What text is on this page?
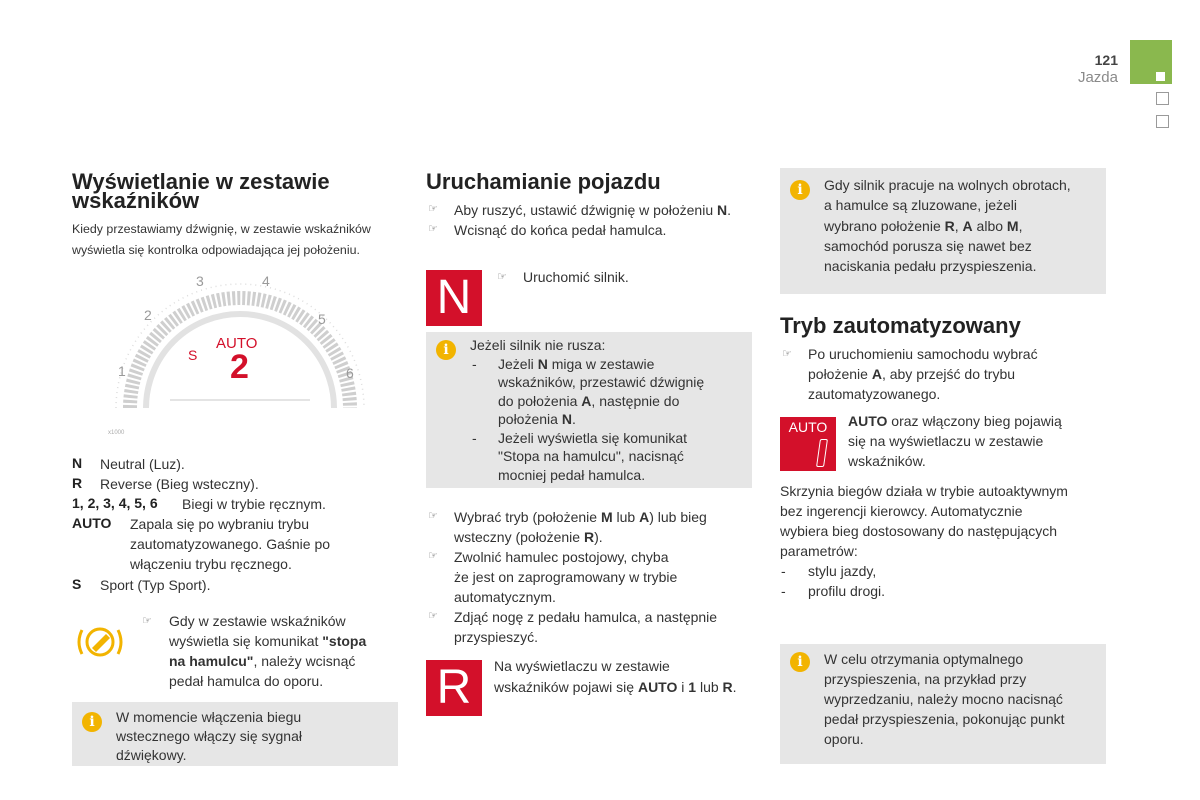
121
Jazda
Wyświetlanie w zestawie
wskaźników
Kiedy przestawiamy dźwignię, w zestawie wskaźników
wyświetla się kontrolka odpowiadająca jej położeniu.
1
2
3	4
5
6
AUTO
2
S
x1000
N Neutral (Luz).
R Reverse (Bieg wsteczny).
1, 2, 3, 4, 5, 6 Biegi w trybie ręcznym.
AUTO Zapala się po wybraniu trybu
zautomatyzowanego. Gaśnie po
włączeniu trybu ręcznego.
S Sport (Typ Sport).
☞ Gdy w zestawie wskaźników
wyświetla się komunikat "stopa
na hamulcu", należy wcisnąć
pedał hamulca do oporu.
i	W momencie włączenia biegu
wstecznego włączy się sygnał
dźwiękowy.
Uruchamianie pojazdu
☞ Aby ruszyć, ustawić dźwignię w położeniu N.
☞ Wcisnąć do końca pedał hamulca.
N	☞ Uruchomić silnik.
i	Jeżeli silnik nie rusza:
- Jeżeli N miga w zestawie
wskaźników, przestawić dźwignię
do położenia A, następnie do
położenia N.
- Jeżeli wyświetla się komunikat
"Stopa na hamulcu", nacisnąć
mocniej pedał hamulca.
☞ Wybrać tryb (położenie M lub A) lub bieg
wsteczny (położenie R).
☞ Zwolnić hamulec postojowy, chyba
że jest on zaprogramowany w trybie
automatycznym.
☞ Zdjąć nogę z pedału hamulca, a następnie
przyspieszyć.
R	Na wyświetlaczu w zestawie
wskaźników pojawi się AUTO i 1 lub R.
i	Gdy silnik pracuje na wolnych obrotach,
a hamulce są zluzowane, jeżeli
wybrano położenie R, A albo M,
samochód porusza się nawet bez
naciskania pedału przyspieszenia.
Tryb zautomatyzowany
☞ Po uruchomieniu samochodu wybrać
położenie A, aby przejść do trybu
zautomatyzowanego.
AUTO	AUTO oraz włączony bieg pojawią
się na wyświetlaczu w zestawie
wskaźników.
Skrzynia biegów działa w trybie autoaktywnym
bez ingerencji kierowcy. Automatycznie
wybiera bieg dostosowany do następujących
parametrów:
- stylu jazdy,
- profilu drogi.
i	W celu otrzymania optymalnego
przyspieszenia, na przykład przy
wyprzedzaniu, należy mocno nacisnąć
pedał przyspieszenia, pokonując punkt
oporu.
